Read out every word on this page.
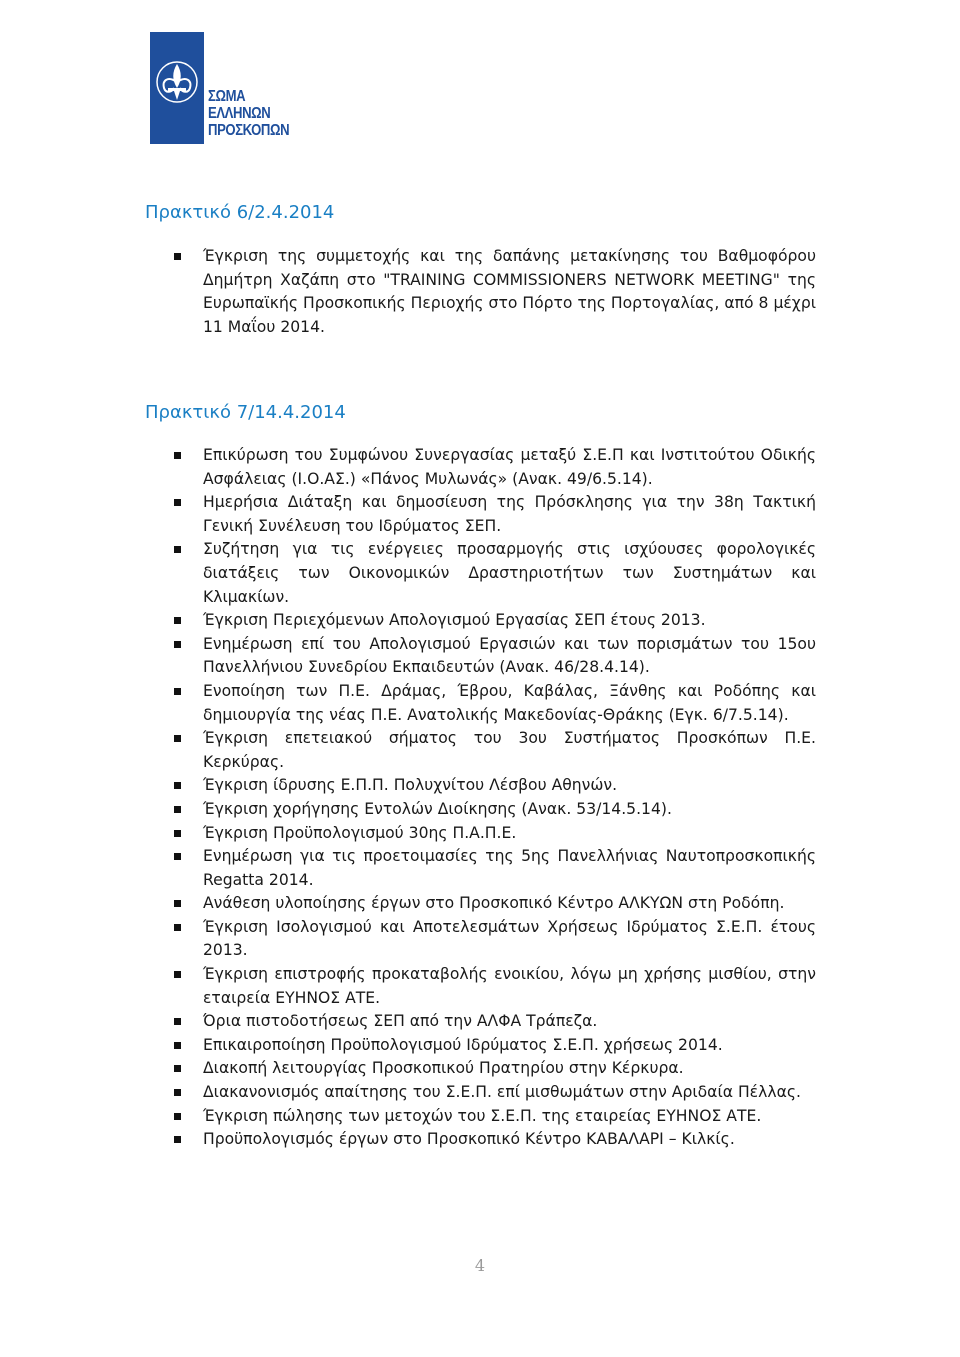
ΣΩΜΑ
ΕΛΛΗΝΩΝ
ΠΡΟΣΚΟΠΩΝ
Πρακτικό 6/2.4.2014
Έγκριση της συμμετοχής και της δαπάνης μετακίνησης του Βαθμοφόρου Δημήτρη Χαζάπη στο "TRAINING COMMISSIONERS NETWORK MEETING" της Ευρωπαϊκής Προσκοπικής Περιοχής στο Πόρτο της Πορτογαλίας, από 8 μέχρι 11 Μαΐου 2014.
Πρακτικό 7/14.4.2014
Επικύρωση του Συμφώνου Συνεργασίας μεταξύ Σ.Ε.Π και Ινστιτούτου Οδικής Ασφάλειας (Ι.Ο.ΑΣ.) «Πάνος Μυλωνάς» (Ανακ. 49/6.5.14).
Ημερήσια Διάταξη και δημοσίευση της Πρόσκλησης για την 38η Τακτική Γενική Συνέλευση του Ιδρύματος ΣΕΠ.
Συζήτηση για τις ενέργειες προσαρμογής στις ισχύουσες φορολογικές διατάξεις των Οικονομικών Δραστηριοτήτων των Συστημάτων και Κλιμακίων.
Έγκριση Περιεχόμενων Απολογισμού Εργασίας ΣΕΠ έτους 2013.
Ενημέρωση επί του Απολογισμού Εργασιών και των πορισμάτων του 15ου Πανελλήνιου Συνεδρίου Εκπαιδευτών (Ανακ. 46/28.4.14).
Ενοποίηση των Π.Ε. Δράμας, Έβρου, Καβάλας, Ξάνθης και Ροδόπης και δημιουργία της νέας Π.Ε. Ανατολικής Μακεδονίας-Θράκης (Εγκ. 6/7.5.14).
Έγκριση επετειακού σήματος του 3ου Συστήματος Προσκόπων Π.Ε. Κερκύρας.
Έγκριση ίδρυσης Ε.Π.Π. Πολυχνίτου Λέσβου Αθηνών.
Έγκριση χορήγησης Εντολών Διοίκησης (Ανακ. 53/14.5.14).
Έγκριση Προϋπολογισμού 30ης Π.Α.Π.Ε.
Ενημέρωση για τις προετοιμασίες της 5ης Πανελλήνιας Ναυτοπροσκοπικής Regatta 2014.
Ανάθεση υλοποίησης έργων στο Προσκοπικό Κέντρο ΑΛΚΥΩΝ στη Ροδόπη.
Έγκριση Ισολογισμού και Αποτελεσμάτων Χρήσεως Ιδρύματος Σ.Ε.Π. έτους 2013.
Έγκριση επιστροφής προκαταβολής ενοικίου, λόγω μη χρήσης μισθίου, στην εταιρεία ΕΥΗΝΟΣ ΑΤΕ.
Όρια πιστοδοτήσεως ΣΕΠ από την ΑΛΦΑ Τράπεζα.
Επικαιροποίηση Προϋπολογισμού Ιδρύματος Σ.Ε.Π. χρήσεως 2014.
Διακοπή λειτουργίας Προσκοπικού Πρατηρίου στην Κέρκυρα.
Διακανονισμός απαίτησης του Σ.Ε.Π. επί μισθωμάτων στην Αριδαία Πέλλας.
Έγκριση πώλησης των μετοχών του Σ.Ε.Π. της εταιρείας ΕΥΗΝΟΣ ΑΤΕ.
Προϋπολογισμός έργων στο Προσκοπικό Κέντρο ΚΑΒΑΛΑΡΙ – Κιλκίς.
4
